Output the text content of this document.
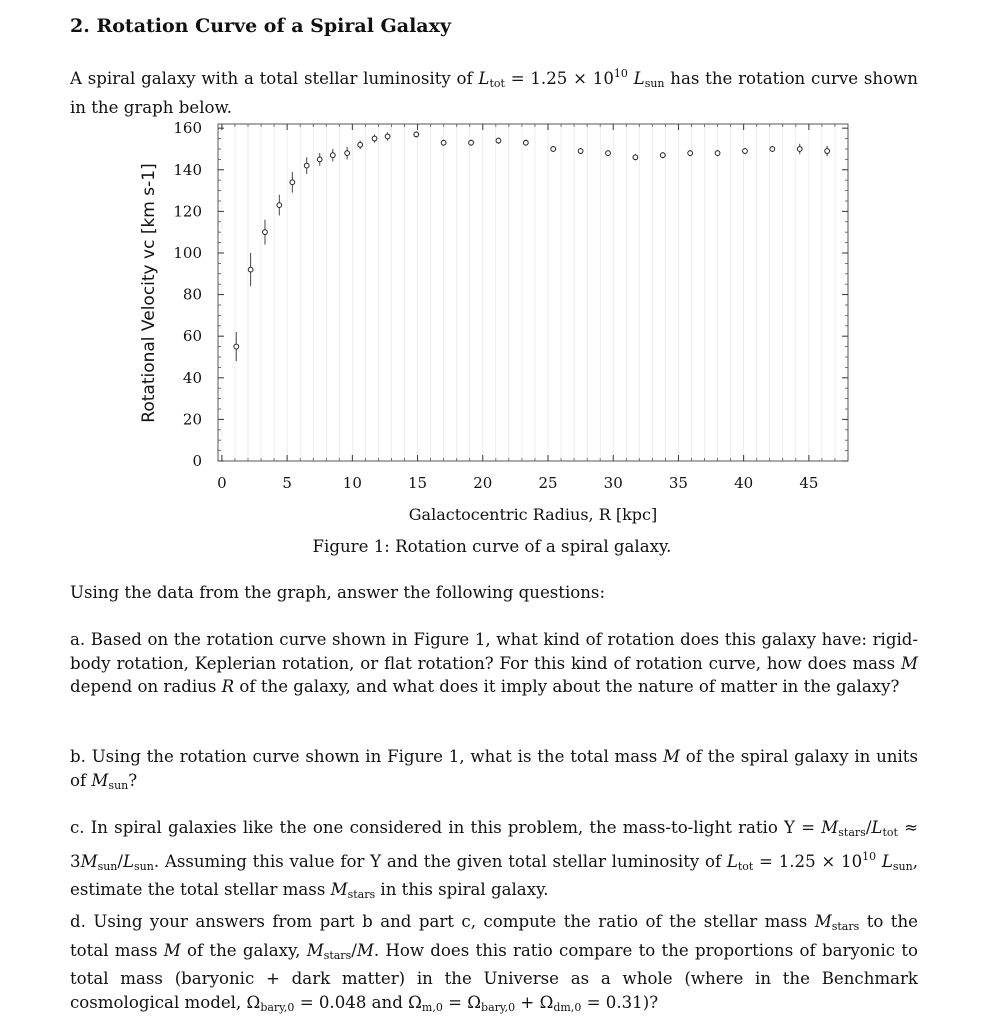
2. Rotation Curve of a Spiral Galaxy
A spiral galaxy with a total stellar luminosity of $L_{tot} = 1.25 \times 10^{10}$ $L_{sun}$ has the rotation curve shown in the graph below.
0	5	10	15	20	25	30	35	40	45
0
20
40
60
80
100
120
140
160
Galactocentric Radius, R [kpc]
Rotational Velocity vc [km s-1]
Figure 1: Rotation curve of a spiral galaxy.
Using the data from the graph, answer the following questions:
a. Based on the rotation curve shown in Figure 1, what kind of rotation does this galaxy have: rigid-body rotation, Keplerian rotation, or flat rotation? For this kind of rotation curve, how does mass M depend on radius R of the galaxy, and what does it imply about the nature of matter in the galaxy?
b. Using the rotation curve shown in Figure 1, what is the total mass M of the spiral galaxy in units of $M_{sun}$?
c. In spiral galaxies like the one considered in this problem, the mass-to-light ratio $\Upsilon = M_{stars}/L_{tot} \approx 3M_{sun}/L_{sun}$. Assuming this value for Υ and the given total stellar luminosity of $L_{tot} = 1.25 \times 10^{10}$ $L_{sun}$, estimate the total stellar mass $M_{stars}$ in this spiral galaxy.
d. Using your answers from part b and part c, compute the ratio of the stellar mass $M_{stars}$ to the total mass M of the galaxy, $M_{stars}/M$. How does this ratio compare to the proportions of baryonic to total mass (baryonic + dark matter) in the Universe as a whole (where in the Benchmark cosmological model, $\Omega_{bary,0} = 0.048$ and $\Omega_{m,0} = \Omega_{bary,0} + \Omega_{dm,0} = 0.31$)?
